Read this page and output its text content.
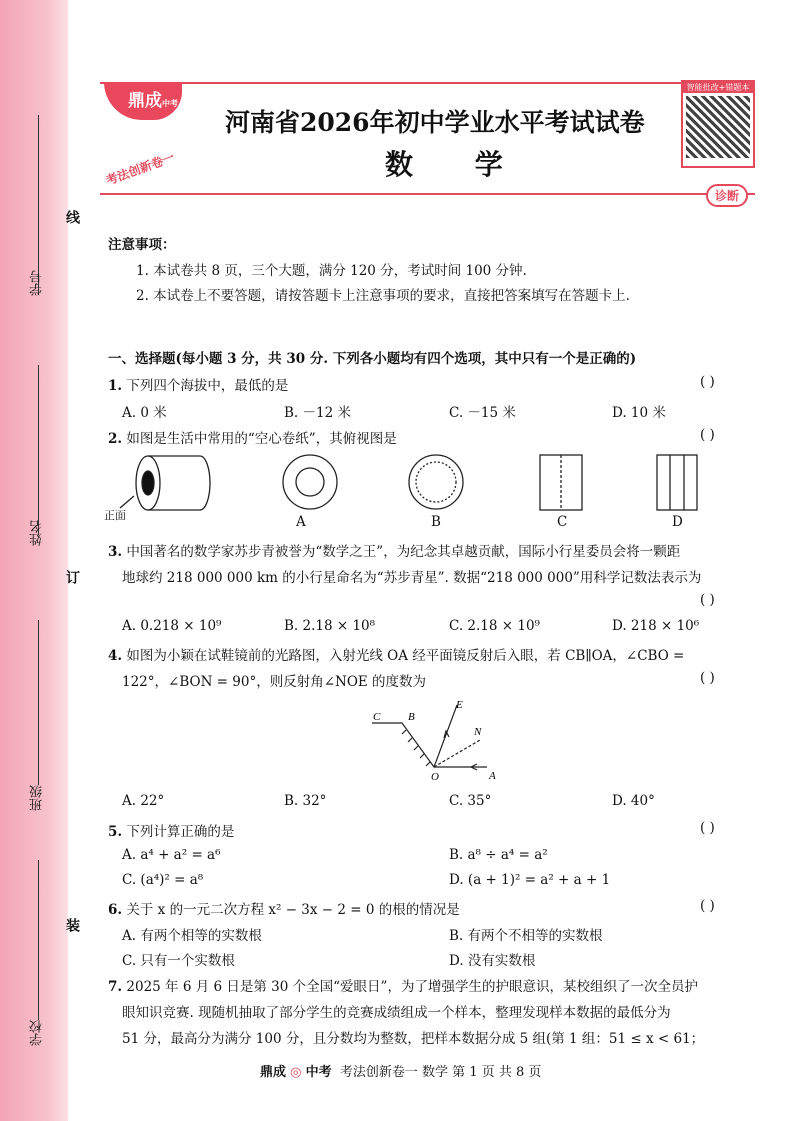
学号
姓名
班级
学校
线
订
装
鼎成中考
河南省2026年初中学业水平考试试卷
数 学
考法创新卷一
智能批改+错题本
诊断
注意事项：
1. 本试卷共 8 页，三个大题，满分 120 分，考试时间 100 分钟.
2. 本试卷上不要答题，请按答题卡上注意事项的要求，直接把答案填写在答题卡上.
一、选择题(每小题 3 分，共 30 分. 下列各小题均有四个选项，其中只有一个是正确的)
1. 下列四个海拔中，最低的是	( )
A. 0 米	B. －12 米	C. －15 米	D. 10 米
2. 如图是生活中常用的“空心卷纸”，其俯视图是	( )
正面	A	B	C	D
3. 中国著名的数学家苏步青被誉为“数学之王”，为纪念其卓越贡献，国际小行星委员会将一颗距
地球约 218 000 000 km 的小行星命名为“苏步青星”. 数据“218 000 000”用科学记数法表示为
( )
A. 0.218 × 10⁹	B. 2.18 × 10⁸	C. 2.18 × 10⁹	D. 218 × 10⁶
4. 如图为小颖在试鞋镜前的光路图，入射光线 OA 经平面镜反射后入眼，若 CB∥OA，∠CBO =
122°，∠BON = 90°，则反射角∠NOE 的度数为	( )
C	B
E
N
O	A
A. 22°	B. 32°	C. 35°	D. 40°
5. 下列计算正确的是	( )
A. a⁴ + a² = a⁶	B. a⁸ ÷ a⁴ = a²
C. (a⁴)² = a⁸	D. (a + 1)² = a² + a + 1
6. 关于 x 的一元二次方程 x² − 3x − 2 = 0 的根的情况是	( )
A. 有两个相等的实数根	B. 有两个不相等的实数根
C. 只有一个实数根	D. 没有实数根
7. 2025 年 6 月 6 日是第 30 个全国“爱眼日”，为了增强学生的护眼意识，某校组织了一次全员护
眼知识竞赛. 现随机抽取了部分学生的竞赛成绩组成一个样本，整理发现样本数据的最低分为
51 分，最高分为满分 100 分，且分数均为整数，把样本数据分成 5 组(第 1 组：51 ≤ x < 61；
鼎成 ◎ 中考 考法创新卷一 数学 第 1 页 共 8 页
